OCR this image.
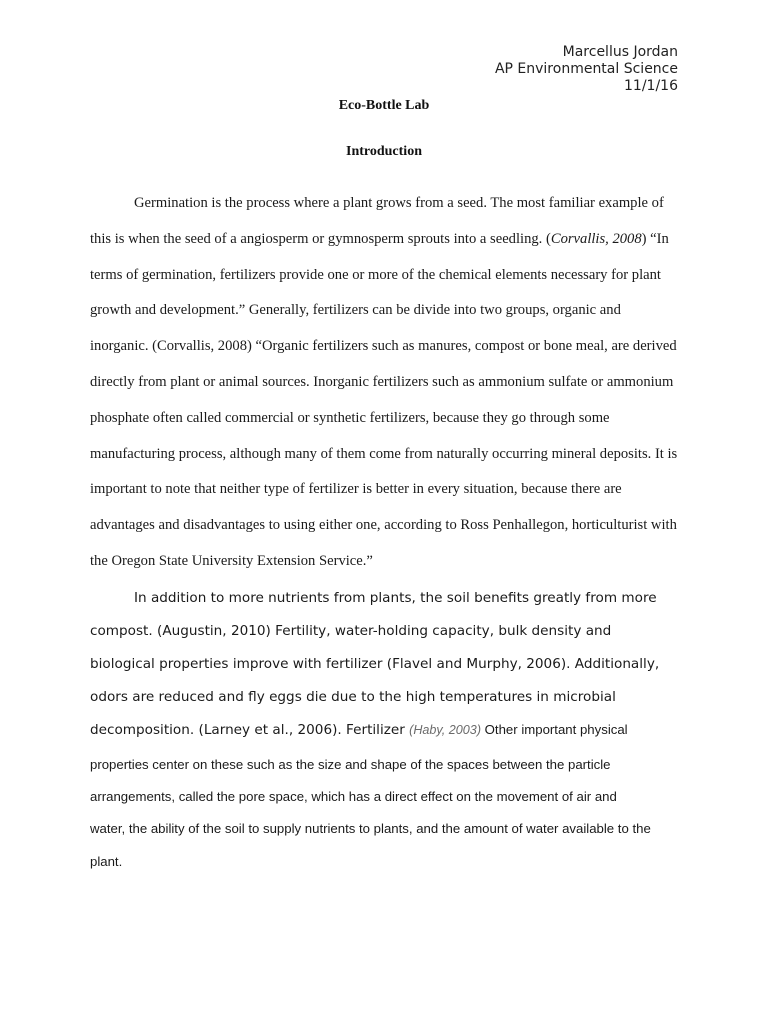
Marcellus Jordan
AP Environmental Science
11/1/16
Eco-Bottle Lab
Introduction
Germination is the process where a plant grows from a seed. The most familiar example of this is when the seed of a angiosperm or gymnosperm sprouts into a seedling. (Corvallis, 2008) “In terms of germination, fertilizers provide one or more of the chemical elements necessary for plant growth and development.” Generally, fertilizers can be divide into two groups, organic and inorganic. (Corvallis, 2008) “Organic fertilizers such as manures, compost or bone meal, are derived directly from plant or animal sources. Inorganic fertilizers such as ammonium sulfate or ammonium phosphate often called commercial or synthetic fertilizers, because they go through some manufacturing process, although many of them come from naturally occurring mineral deposits. It is important to note that neither type of fertilizer is better in every situation, because there are advantages and disadvantages to using either one, according to Ross Penhallegon, horticulturist with the Oregon State University Extension Service.”
In addition to more nutrients from plants, the soil benefits greatly from more
compost. (Augustin, 2010) Fertility, water-holding capacity, bulk density and
biological properties improve with fertilizer (Flavel and Murphy, 2006). Additionally,
odors are reduced and fly eggs die due to the high temperatures in microbial
decomposition. (Larney et al., 2006). Fertilizer (Haby, 2003) Other important physical
properties center on these such as the size and shape of the spaces between the particle
arrangements, called the pore space, which has a direct effect on the movement of air and
water, the ability of the soil to supply nutrients to plants, and the amount of water available to the
plant.
